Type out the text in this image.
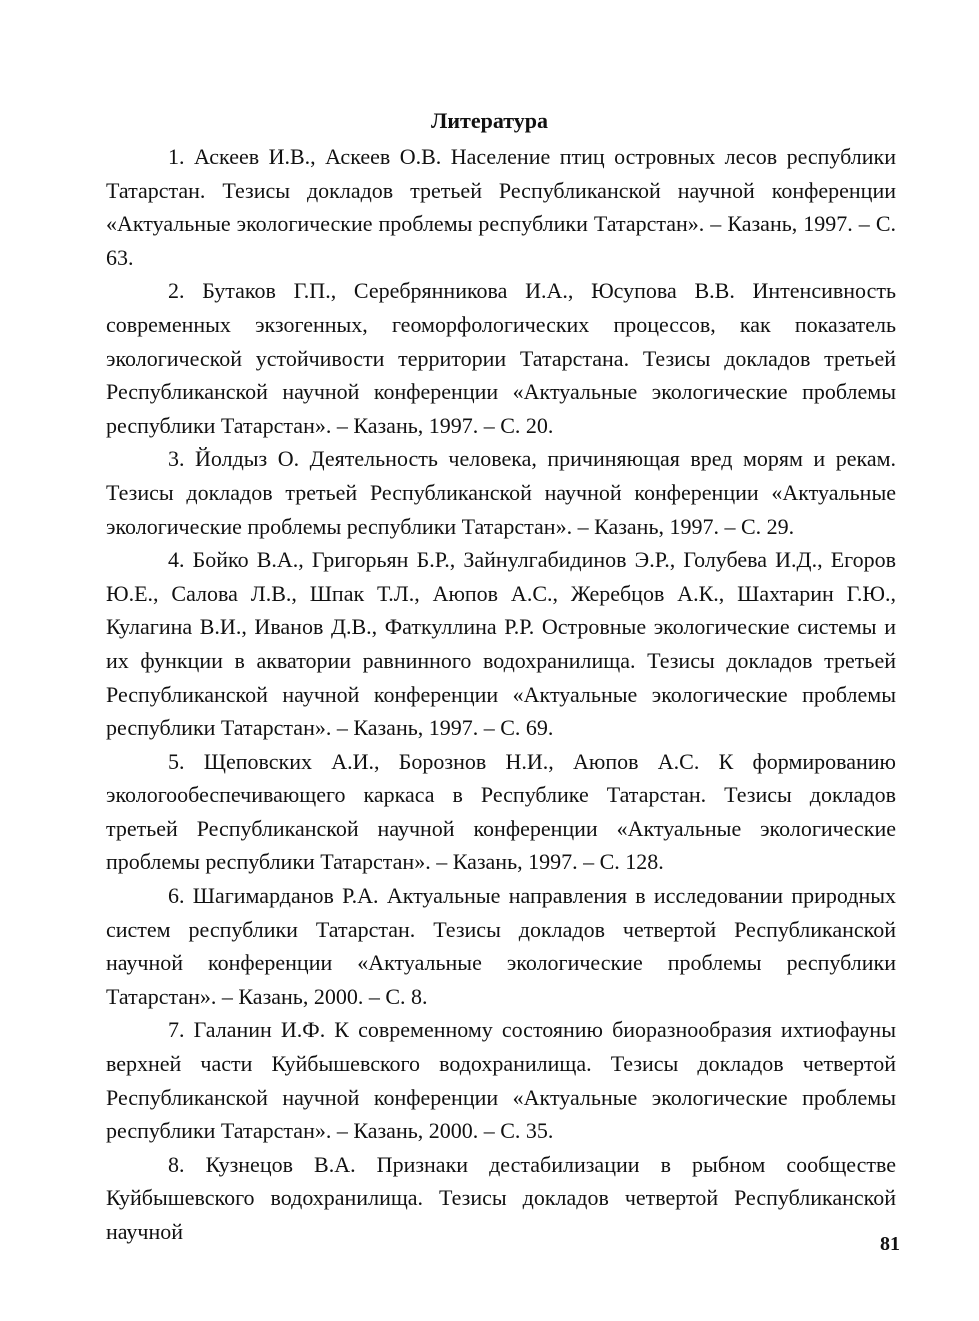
Литература

1. Аскеев И.В., Аскеев О.В. Население птиц островных лесов республики Татарстан. Тезисы докладов третьей Республиканской научной конференции «Актуальные экологические проблемы республики Татарстан». – Казань, 1997. – С. 63.

2. Бутаков Г.П., Серебрянникова И.А., Юсупова В.В. Интенсивность современных экзогенных, геоморфологических процессов, как показатель экологической устойчивости территории Татарстана. Тезисы докладов третьей Республиканской научной конференции «Актуальные экологические проблемы республики Татарстан». – Казань, 1997. – С. 20.

3. Йолдыз О. Деятельность человека, причиняющая вред морям и рекам. Тезисы докладов третьей Республиканской научной конференции «Актуальные экологические проблемы республики Татарстан». – Казань, 1997. – С. 29.

4. Бойко В.А., Григорьян Б.Р., Зайнулгабидинов Э.Р., Голубева И.Д., Егоров Ю.Е., Салова Л.В., Шпак Т.Л., Аюпов А.С., Жеребцов А.К., Шахтарин Г.Ю., Кулагина В.И., Иванов Д.В., Фаткуллина Р.Р. Островные экологические системы и их функции в акватории равнинного водохранилища. Тезисы докладов третьей Республиканской научной конференции «Актуальные экологические проблемы республики Татарстан». – Казань, 1997. – С. 69.

5. Щеповских А.И., Борознов Н.И., Аюпов А.С. К формированию экологообеспечивающего каркаса в Республике Татарстан. Тезисы докладов третьей Республиканской научной конференции «Актуальные экологические проблемы республики Татарстан». – Казань, 1997. – С. 128.

6. Шагимарданов Р.А. Актуальные направления в исследовании природных систем республики Татарстан. Тезисы докладов четвертой Республиканской научной конференции «Актуальные экологические проблемы республики Татарстан». – Казань, 2000. – С. 8.

7. Галанин И.Ф. К современному состоянию биоразнообразия ихтиофауны верхней части Куйбышевского водохранилища. Тезисы докладов четвертой Республиканской научной конференции «Актуальные экологические проблемы республики Татарстан». – Казань, 2000. – С. 35.

8. Кузнецов В.А. Признаки дестабилизации в рыбном сообществе Куйбышевского водохранилища. Тезисы докладов четвертой Республиканской научной	81
